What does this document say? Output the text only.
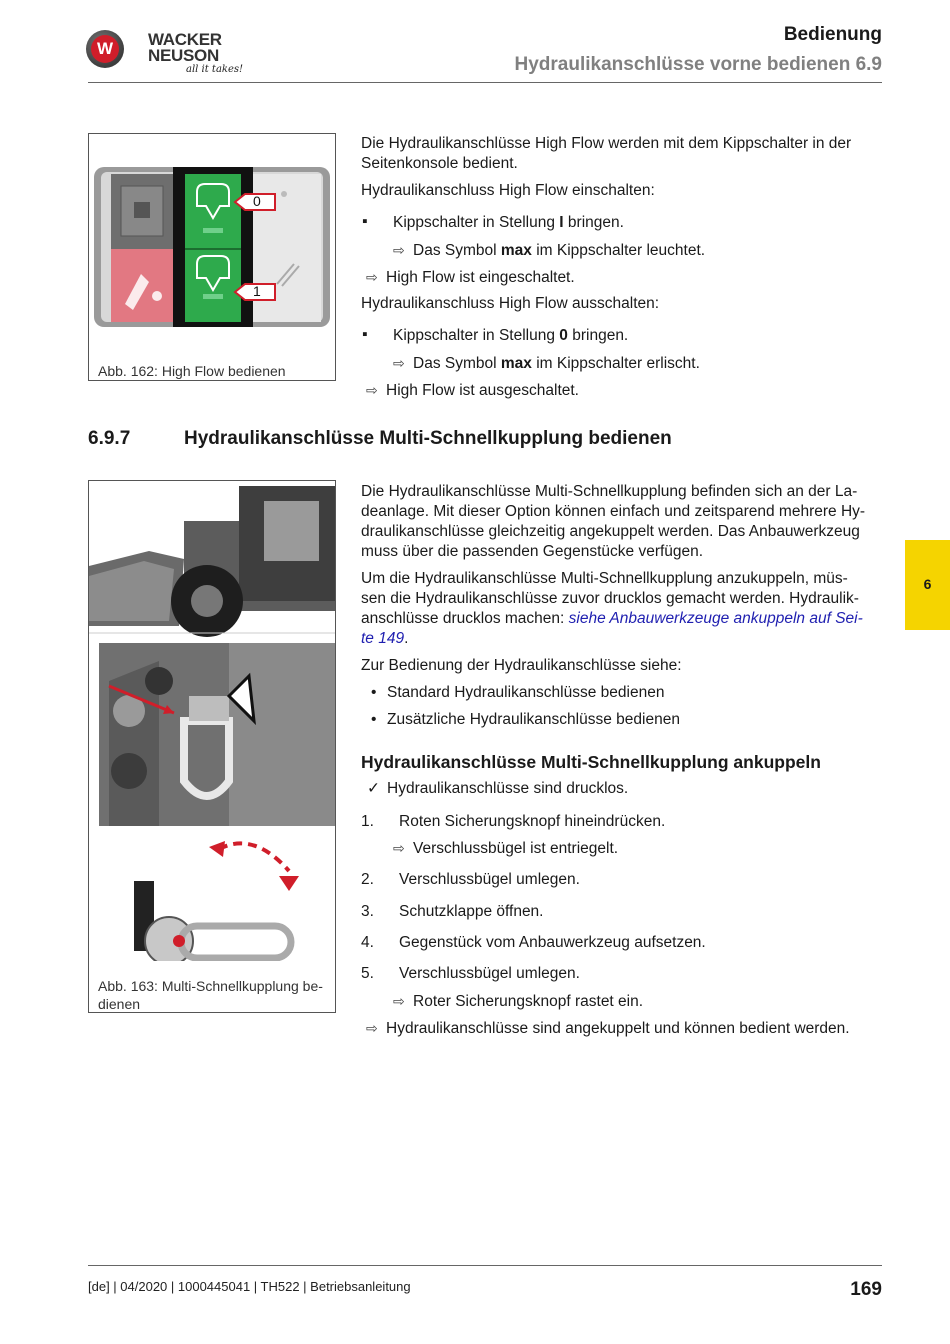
W	WACKER
NEUSON
all it takes!
Bedienung
Hydraulikanschlüsse vorne bedienen 6.9
0
1
Abb. 162: High Flow bedienen
Die Hydraulikanschlüsse High Flow werden mit dem Kippschalter in der Seitenkonsole bedient.
Hydraulikanschluss High Flow einschalten:
▪ Kippschalter in Stellung I bringen.
⇨ Das Symbol max im Kippschalter leuchtet.
⇨ High Flow ist eingeschaltet.
Hydraulikanschluss High Flow ausschalten:
▪ Kippschalter in Stellung 0 bringen.
⇨ Das Symbol max im Kippschalter erlischt.
⇨ High Flow ist ausgeschaltet.
6.9.7	Hydraulikanschlüsse Multi-Schnellkupplung bedienen
Abb. 163: Multi-Schnellkupplung be-
dienen
Die Hydraulikanschlüsse Multi-Schnellkupplung befinden sich an der La-
deanlage. Mit dieser Option können einfach und zeitsparend mehrere Hy-
draulikanschlüsse gleichzeitig angekuppelt werden. Das Anbauwerkzeug
muss über die passenden Gegenstücke verfügen.
Um die Hydraulikanschlüsse Multi-Schnellkupplung anzukuppeln, müs-
sen die Hydraulikanschlüsse zuvor drucklos gemacht werden. Hydraulik-
anschlüsse drucklos machen: siehe Anbauwerkzeuge ankuppeln auf Sei-
te 149.
Zur Bedienung der Hydraulikanschlüsse siehe:
• Standard Hydraulikanschlüsse bedienen
• Zusätzliche Hydraulikanschlüsse bedienen
Hydraulikanschlüsse Multi-Schnellkupplung ankuppeln
✓ Hydraulikanschlüsse sind drucklos.
1. Roten Sicherungsknopf hineindrücken.
⇨ Verschlussbügel ist entriegelt.
2. Verschlussbügel umlegen.
3. Schutzklappe öffnen.
4. Gegenstück vom Anbauwerkzeug aufsetzen.
5. Verschlussbügel umlegen.
⇨ Roter Sicherungsknopf rastet ein.
⇨ Hydraulikanschlüsse sind angekuppelt und können bedient werden.
6
[de] | 04/2020 | 1000445041 | TH522 | Betriebsanleitung	169
